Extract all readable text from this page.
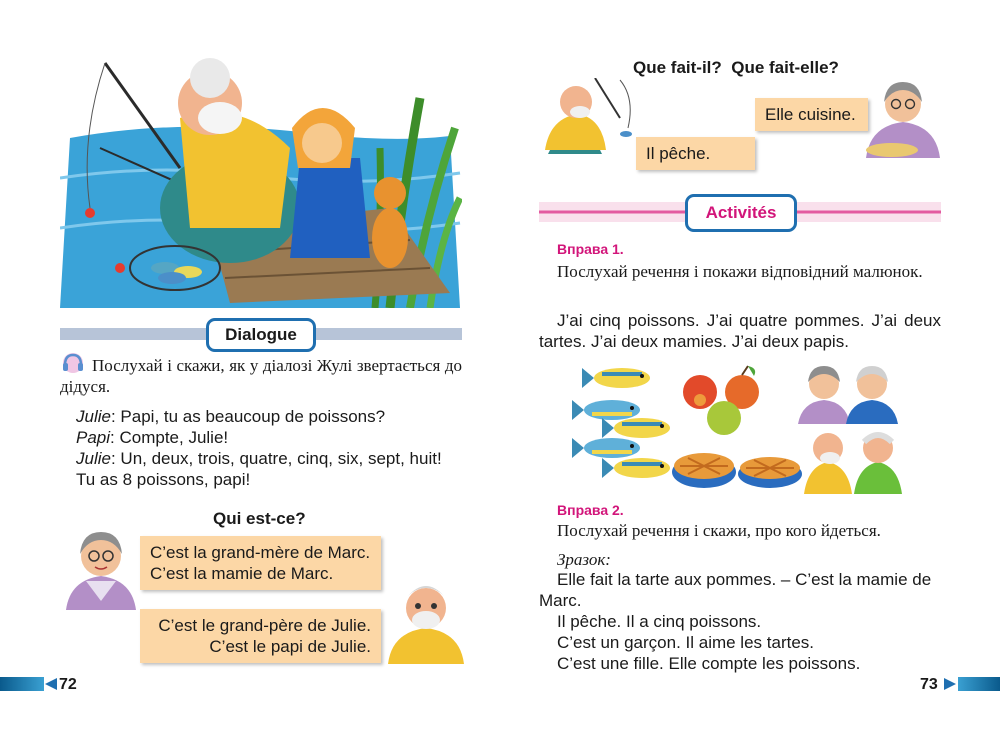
Dialogue
Послухай і скажи, як у діалозі Жулі звертається до дідуся.
Julie: Papi, tu as beaucoup de poissons?
Papi: Compte, Julie!
Julie: Un, deux, trois, quatre, cinq, six, sept, huit!
Tu as 8 poissons, papi!
Qui est-ce?
C’est la grand-mère de Marc.
C’est la mamie de Marc.
C’est le grand-père de Julie.
C’est le papi de Julie.
72
Que fait-il?  Que fait-elle?
Il pêche.
Elle cuisine.
Activités
Вправа 1.
Послухай речення і покажи відповідний малюнок.
J’ai cinq poissons. J’ai quatre pommes. J’ai deux tartes. J’ai deux mamies. J’ai deux papis.
Вправа 2.
Послухай речення і скажи, про кого йдеться.
Зразок:
Elle fait la tarte aux pommes. – C’est la mamie de Marc.
Il pêche. Il a cinq poissons.
C’est un garçon. Il aime les tartes.
C’est une fille. Elle compte les poissons.
73
